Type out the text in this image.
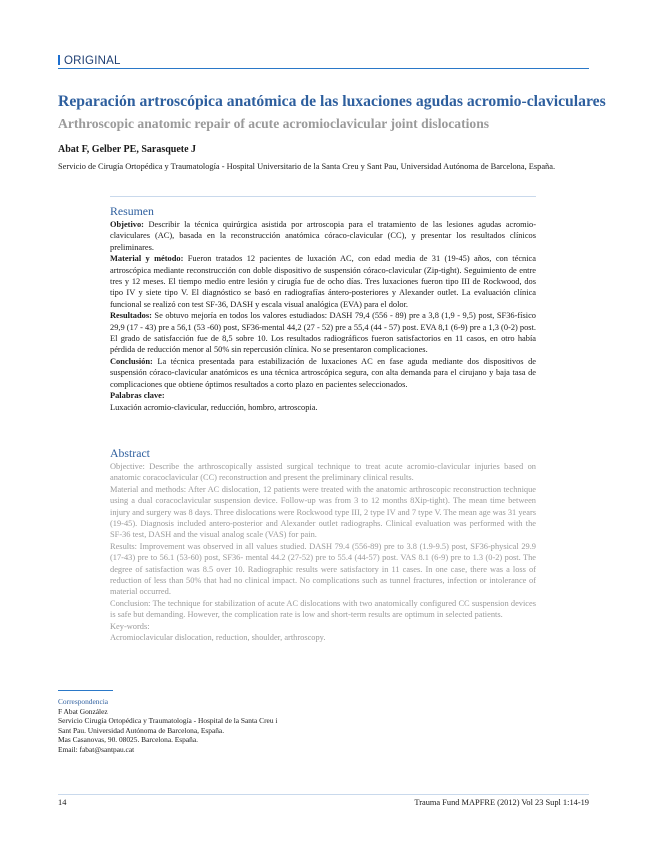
ORIGINAL
Reparación artroscópica anatómica de las luxaciones agudas acromio-claviculares
Arthroscopic anatomic repair of acute acromioclavicular joint dislocations
Abat F, Gelber PE, Sarasquete J
Servicio de Cirugía Ortopédica y Traumatología - Hospital Universitario de la Santa Creu y Sant Pau, Universidad Autónoma de Barcelona, España.
Resumen

Objetivo: Describir la técnica quirúrgica asistida por artroscopia para el tratamiento de las lesiones agudas acromio-claviculares (AC), basada en la reconstrucción anatómica córaco-clavicular (CC), y presentar los resultados clínicos preliminares.

Material y método: Fueron tratados 12 pacientes de luxación AC, con edad media de 31 (19-45) años, con técnica artroscópica mediante reconstrucción con doble dispositivo de suspensión córaco-clavicular (Zip-tight). Seguimiento de entre tres y 12 meses. El tiempo medio entre lesión y cirugía fue de ocho días. Tres luxaciones fueron tipo III de Rockwood, dos tipo IV y siete tipo V. El diagnóstico se basó en radiografías ántero-posteriores y Alexander outlet. La evaluación clínica funcional se realizó con test SF-36, DASH y escala visual analógica (EVA) para el dolor.

Resultados: Se obtuvo mejoría en todos los valores estudiados: DASH 79,4 (556 - 89) pre a 3,8 (1,9 - 9,5) post, SF36-físico 29,9 (17 - 43) pre a 56,1 (53 -60) post, SF36-mental 44,2 (27 - 52) pre a 55,4 (44 - 57) post. EVA 8,1 (6-9) pre a 1,3 (0-2) post. El grado de satisfacción fue de 8,5 sobre 10. Los resultados radiográficos fueron satisfactorios en 11 casos, en otro había pérdida de reducción menor al 50% sin repercusión clínica. No se presentaron complicaciones.

Conclusión: La técnica presentada para estabilización de luxaciones AC en fase aguda mediante dos dispositivos de suspensión córaco-clavicular anatómicos es una técnica artroscópica segura, con alta demanda para el cirujano y baja tasa de complicaciones que obtiene óptimos resultados a corto plazo en pacientes seleccionados.

Palabras clave:

Luxación acromio-clavicular, reducción, hombro, artroscopia.

Abstract

Objective: Describe the arthroscopically assisted surgical technique to treat acute acromio-clavicular injuries based on anatomic coracoclavicular (CC) reconstruction and present the preliminary clinical results.

Material and methods: After AC dislocation, 12 patients were treated with the anatomic arthroscopic reconstruction technique using a dual coracoclavicular suspension device. Follow-up was from 3 to 12 months 8Xip-tight). The mean time between injury and surgery was 8 days. Three dislocations were Rockwood type III, 2 type IV and 7 type V. The mean age was 31 years (19-45). Diagnosis included antero-posterior and Alexander outlet radiographs. Clinical evaluation was performed with the SF-36 test, DASH and the visual analog scale (VAS) for pain.

Results: Improvement was observed in all values studied. DASH 79.4 (556-89) pre to 3.8 (1.9-9.5) post, SF36-physical 29.9 (17-43) pre to 56.1 (53-60) post, SF36- mental 44.2 (27-52) pre to 55.4 (44-57) post. VAS 8.1 (6-9) pre to 1.3 (0-2) post. The degree of satisfaction was 8.5 over 10. Radiographic results were satisfactory in 11 cases. In one case, there was a loss of reduction of less than 50% that had no clinical impact. No complications such as tunnel fractures, infection or intolerance of material occurred.

Conclusion: The technique for stabilization of acute AC dislocations with two anatomically configured CC suspension devices is safe but demanding. However, the complication rate is low and short-term results are optimum in selected patients.

Key-words:

Acromioclavicular dislocation, reduction, shoulder, arthroscopy.

Correspondencia
F Abat González
Servicio Cirugía Ortopédica y Traumatología - Hospital de la Santa Creu i
Sant Pau. Universidad Autónoma de Barcelona, España.
Mas Casanovas, 90. 08025. Barcelona. España.
Email: fabat@santpau.cat
14	Trauma Fund MAPFRE (2012) Vol 23 Supl 1:14-19
